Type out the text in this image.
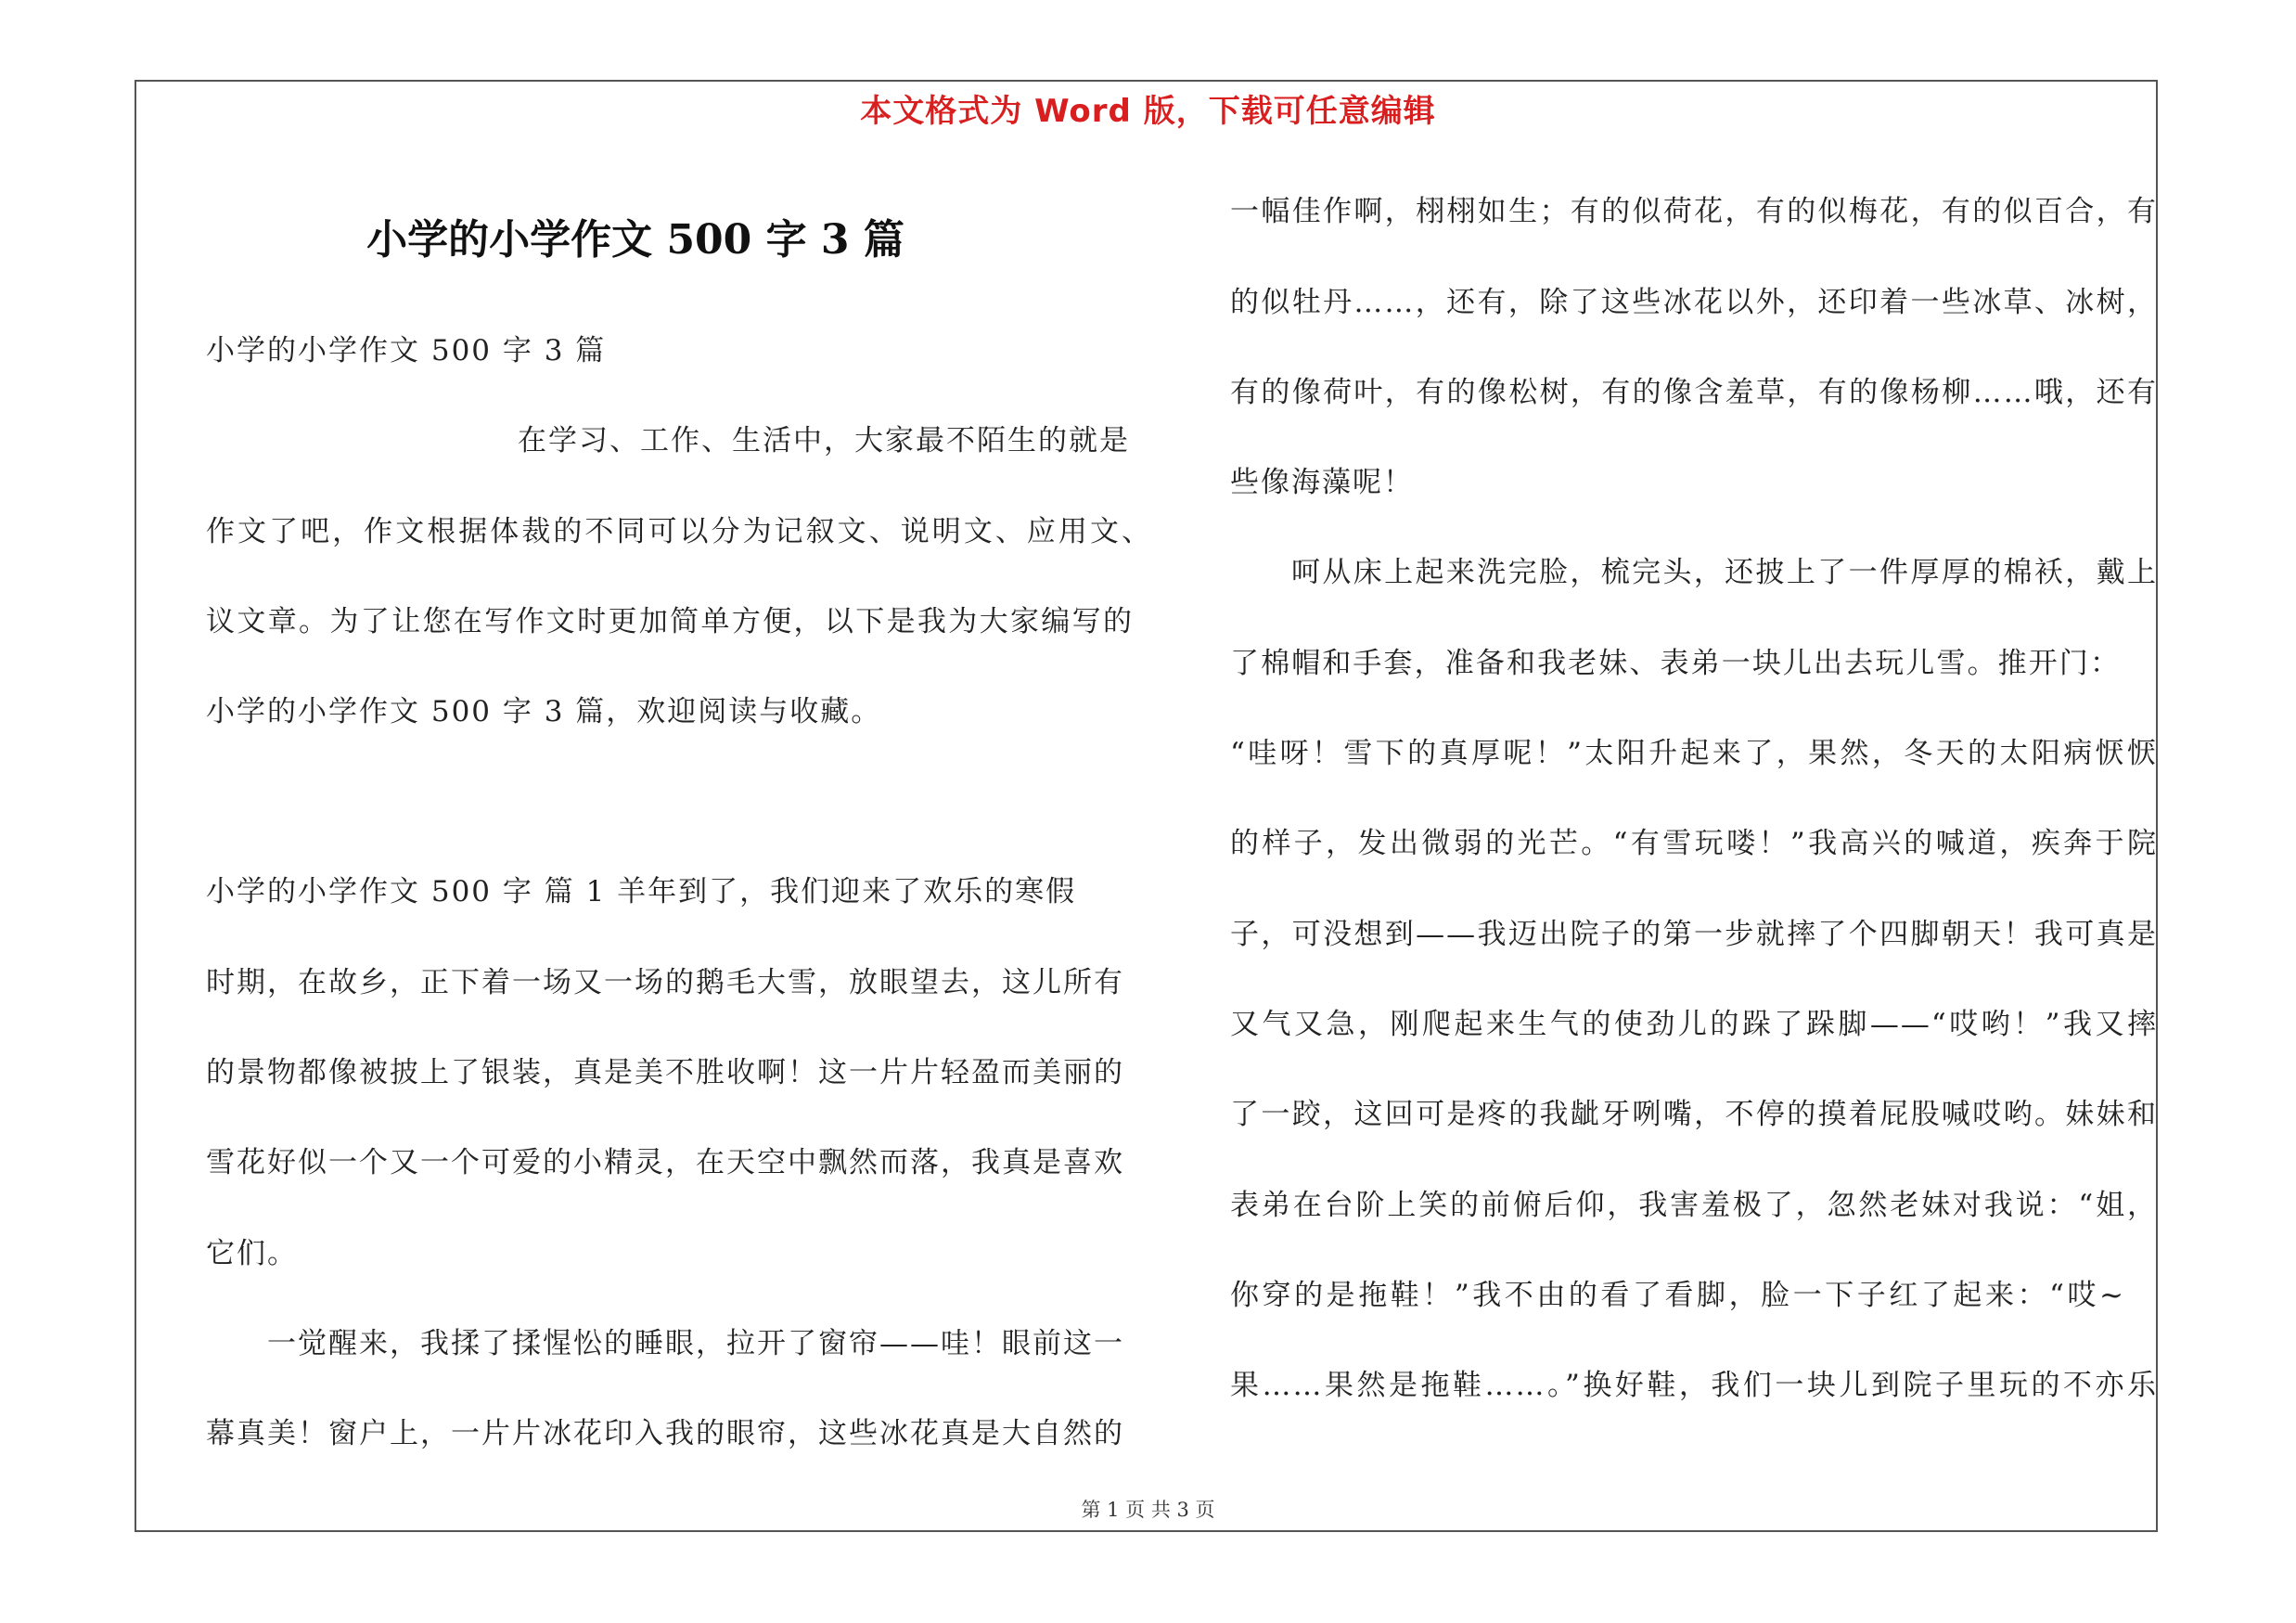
本文格式为 Word 版，下载可任意编辑
小学的小学作文 500 字 3 篇
小学的小学作文 500 字 3 篇
在学习、工作、生活中，大家最不陌生的就是
作文了吧，作文根据体裁的不同可以分为记叙文、说明文、应用文、
议文章。为了让您在写作文时更加简单方便，以下是我为大家编写的
小学的小学作文 500 字 3 篇，欢迎阅读与收藏。
小学的小学作文 500 字 篇 1 羊年到了，我们迎来了欢乐的寒假
时期，在故乡，正下着一场又一场的鹅毛大雪，放眼望去，这儿所有
的景物都像被披上了银装，真是美不胜收啊！这一片片轻盈而美丽的
雪花好似一个又一个可爱的小精灵，在天空中飘然而落，我真是喜欢
它们。
一觉醒来，我揉了揉惺忪的睡眼，拉开了窗帘——哇！眼前这一
幕真美！窗户上，一片片冰花印入我的眼帘，这些冰花真是大自然的
一幅佳作啊，栩栩如生；有的似荷花，有的似梅花，有的似百合，有
的似牡丹……，还有，除了这些冰花以外，还印着一些冰草、冰树，
有的像荷叶，有的像松树，有的像含羞草，有的像杨柳……哦，还有
些像海藻呢！
呵从床上起来洗完脸，梳完头，还披上了一件厚厚的棉袄，戴上
了棉帽和手套，准备和我老妹、表弟一块儿出去玩儿雪。推开门：
“哇呀！雪下的真厚呢！”太阳升起来了，果然，冬天的太阳病恹恹
的样子，发出微弱的光芒。“有雪玩喽！”我高兴的喊道，疾奔于院
子，可没想到——我迈出院子的第一步就摔了个四脚朝天！我可真是
又气又急，刚爬起来生气的使劲儿的跺了跺脚——“哎哟！”我又摔
了一跤，这回可是疼的我龇牙咧嘴，不停的摸着屁股喊哎哟。妹妹和
表弟在台阶上笑的前俯后仰，我害羞极了，忽然老妹对我说：“姐，
你穿的是拖鞋！”我不由的看了看脚，脸一下子红了起来：“哎~
果……果然是拖鞋……。”换好鞋，我们一块儿到院子里玩的不亦乐
第 1 页 共 3 页
